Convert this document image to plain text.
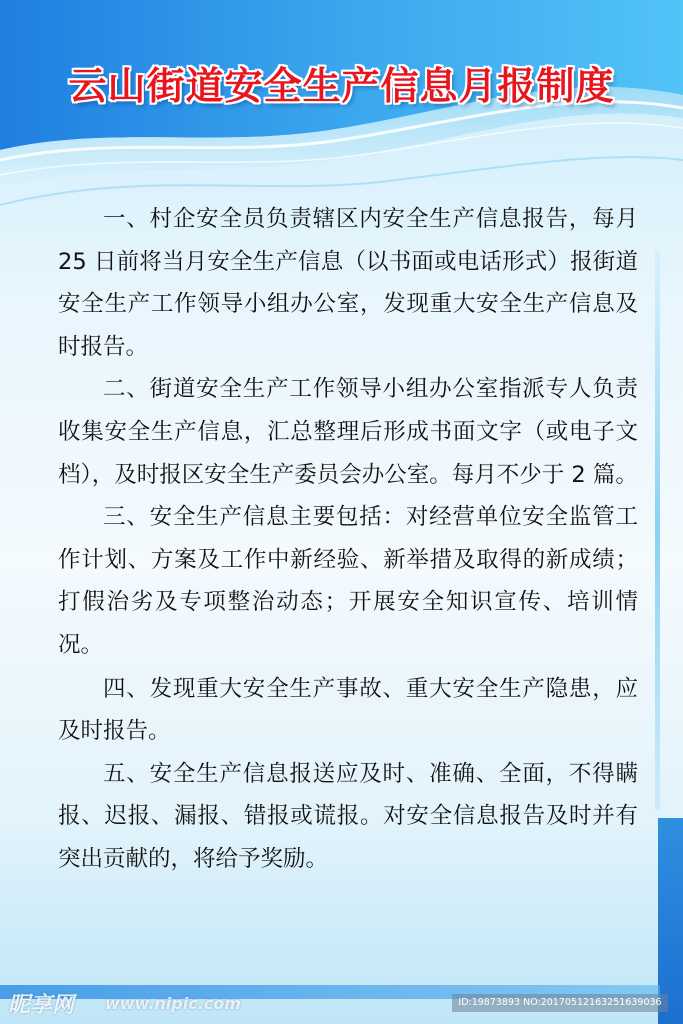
云山街道安全生产信息月报制度

一、村企安全员负责辖区内安全生产信息报告，每月 25 日前将当月安全生产信息（以书面或电话形式）报街道安全生产工作领导小组办公室，发现重大安全生产信息及时报告。

二、街道安全生产工作领导小组办公室指派专人负责收集安全生产信息，汇总整理后形成书面文字（或电子文档），及时报区安全生产委员会办公室。每月不少于 2 篇。

三、安全生产信息主要包括：对经营单位安全监管工作计划、方案及工作中新经验、新举措及取得的新成绩；打假治劣及专项整治动态；开展安全知识宣传、培训情况。

四、发现重大安全生产事故、重大安全生产隐患，应及时报告。

五、安全生产信息报送应及时、准确、全面，不得瞒报、迟报、漏报、错报或谎报。对安全信息报告及时并有突出贡献的，将给予奖励。

昵享网 www.nipic.com	ID:19873893 NO:20170512163251639036
